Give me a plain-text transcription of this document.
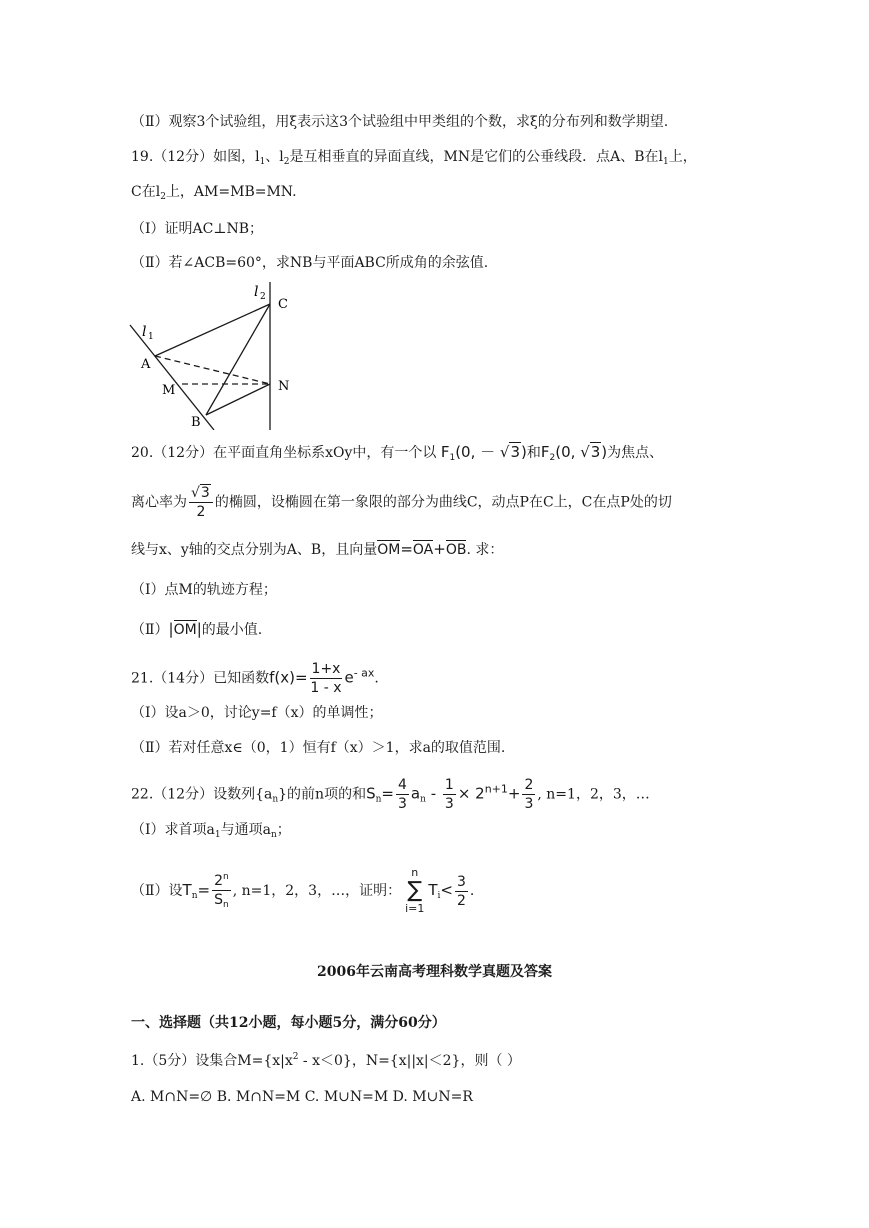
（Ⅱ）观察3个试验组，用ξ表示这3个试验组中甲类组的个数，求ξ的分布列和数学期望.
19.（12分）如图，$l_1$、$l_2$是互相垂直的异面直线，MN是它们的公垂线段．点A、B在$l_1$上，
C在$l_2$上，AM=MB=MN.
（Ⅰ）证明AC⊥NB；
（Ⅱ）若∠ACB=60°，求NB与平面ABC所成角的余弦值.
l 1
l 2 C
A
M	N
B
20.（12分）在平面直角坐标系xOy中，有一个以 $F_1(0$, － √3)和$F_2(0$, √3)为焦点、
离心率为 $\frac{√3}{2}$ 的椭圆，设椭圆在第一象限的部分为曲线C，动点P在C上，C在点P处的切
线与x、y轴的交点分别为A、B，且向量OM=OA+OB. 求：
（Ⅰ）点M的轨迹方程；
（Ⅱ）|OM|的最小值.
21.（14分）已知函数$f(x)= \frac{1+x}{1 - x} e^{- ax}$.
（Ⅰ）设a＞0，讨论y=f（x）的单调性；
（Ⅱ）若对任意x∈（0，1）恒有f（x）＞1，求a的取值范围.
22.（12分）设数列$\{a_n\}$的前n项的和$S_n= \frac{4}{3} a_n - \frac{1}{3} \times 2^{n+1}+ \frac{2}{3}$ , n=1，2，3，…
（Ⅰ）求首项$a_1$与通项$a_n$；
（Ⅱ）设$T_n= \frac{2^n}{S_n}$ , n=1，2，3，…，证明：
n
∑
i=1
$T_i< \frac{3}{2}$ .
2006年云南高考理科数学真题及答案
一、选择题（共12小题，每小题5分，满分60分）
1.（5分）设集合$M=\{x|x^2 - x<0\}$，N={x||x|＜2}，则（ ）
A. M∩N=∅ B. M∩N=M C. M∪N=M D. M∪N=R
